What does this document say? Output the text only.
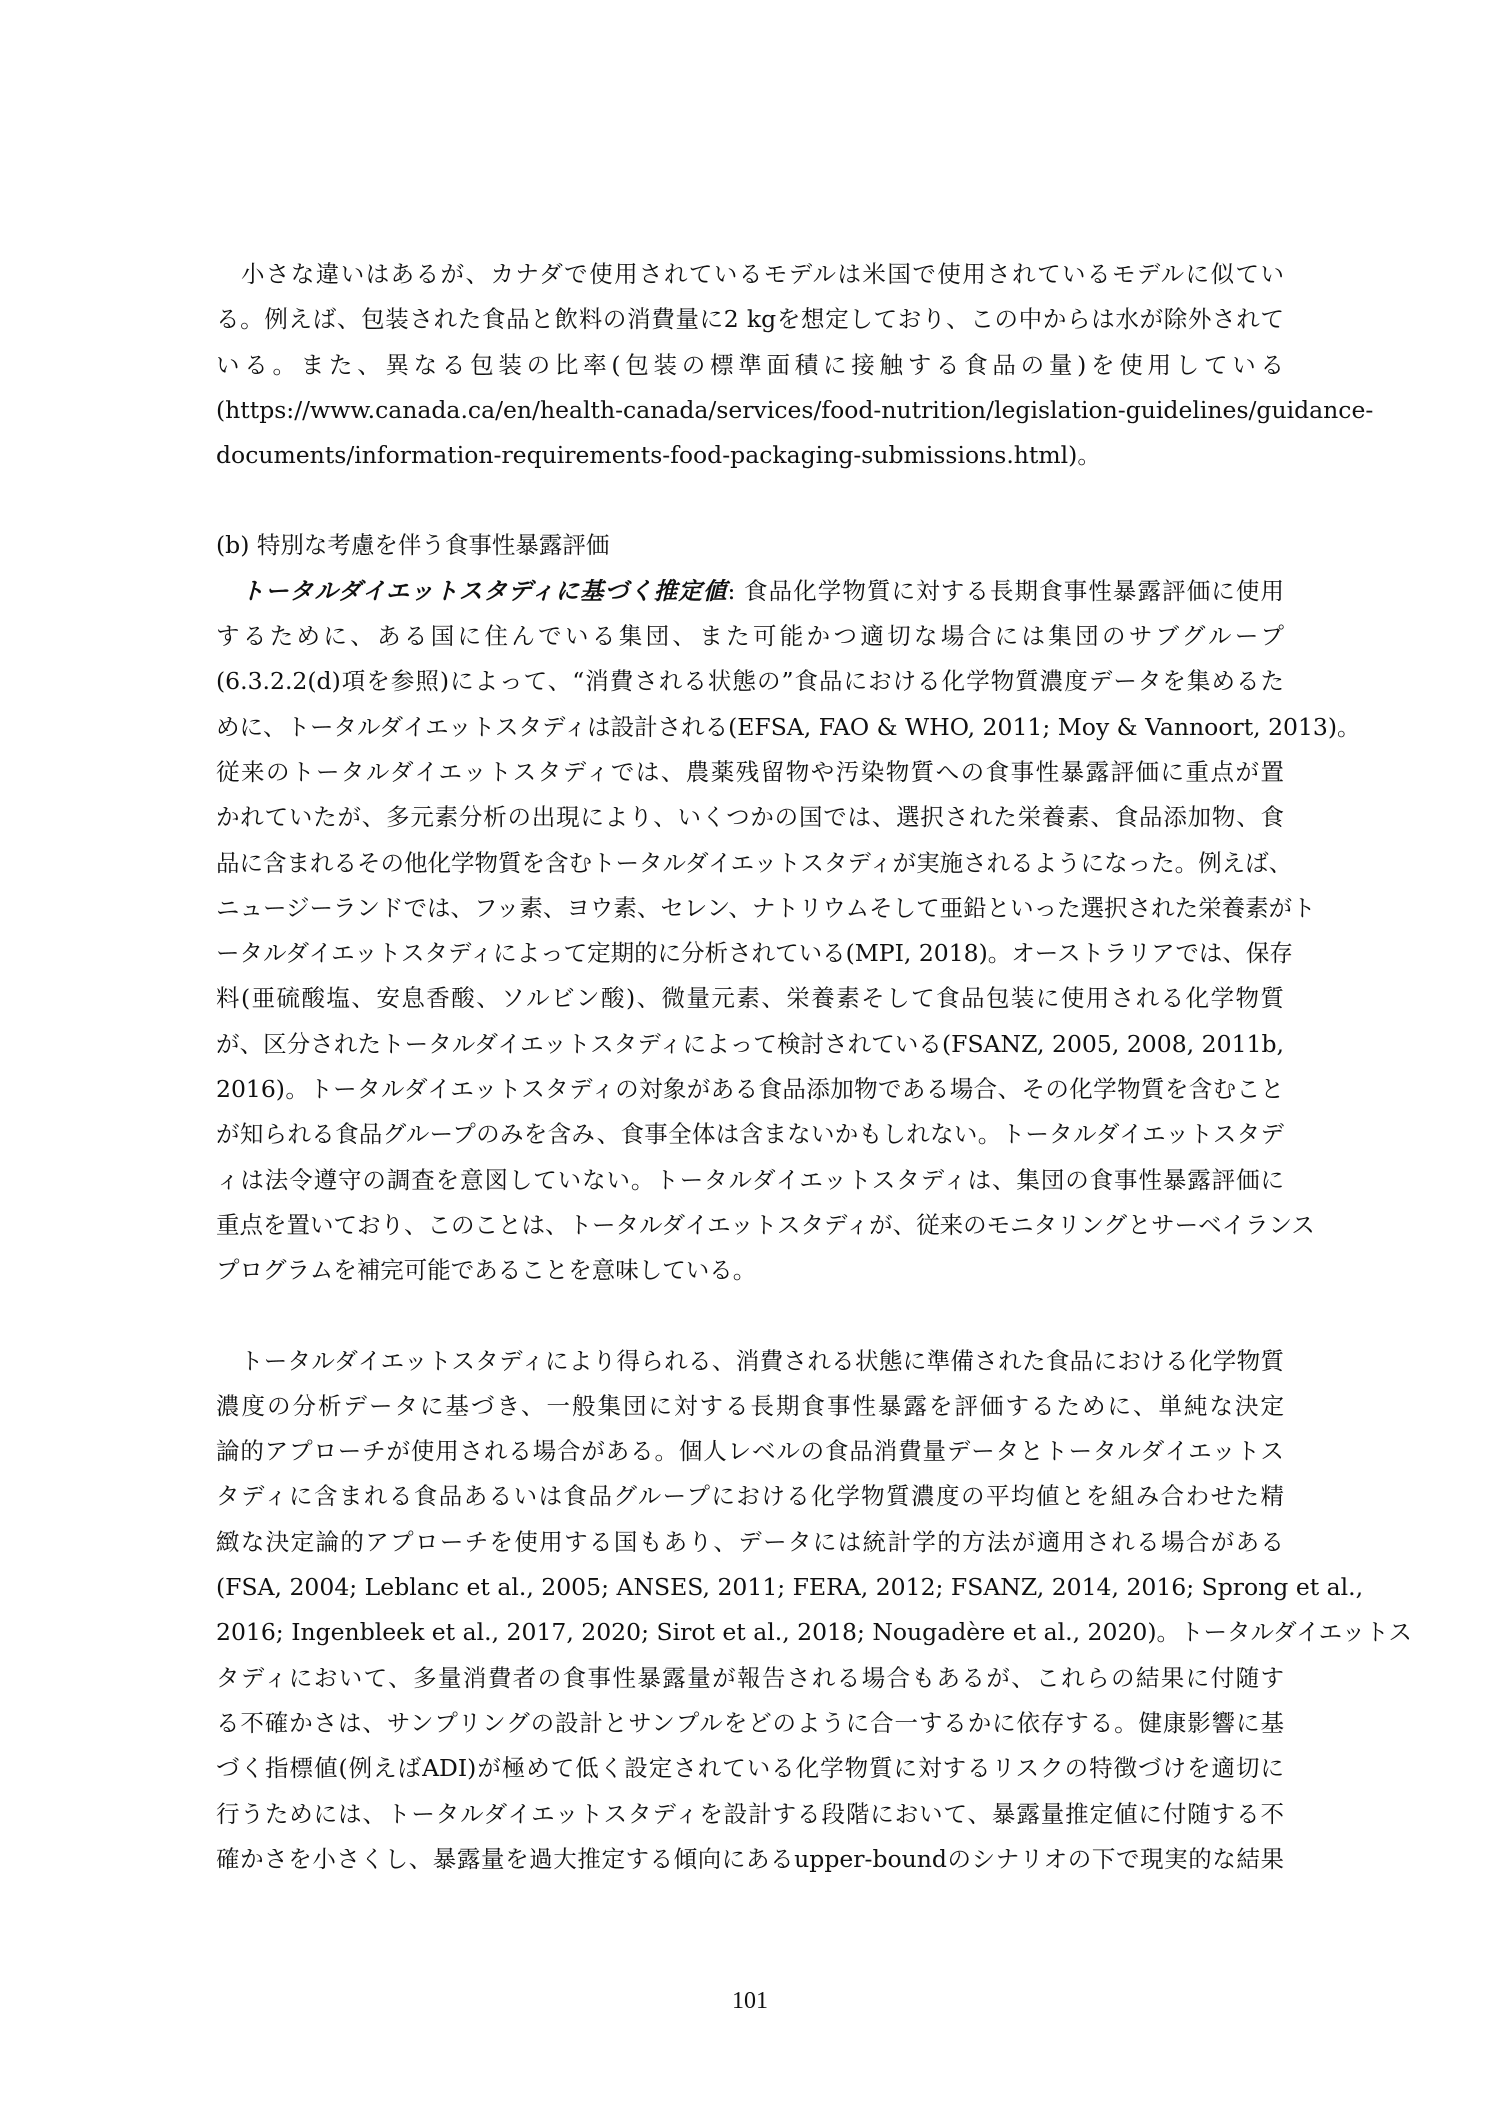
　小さな違いはあるが、カナダで使用されているモデルは米国で使用されているモデルに似てい
る。例えば、包装された食品と飲料の消費量に2 kgを想定しており、この中からは水が除外されて
いる。また、異なる包装の比率(包装の標準面積に接触する食品の量)を使用している
(https://www.canada.ca/en/health-canada/services/food-nutrition/legislation-guidelines/guidance-
documents/information-requirements-food-packaging-submissions.html)。

(b) 特別な考慮を伴う食事性暴露評価

　トータルダイエットスタディに基づく推定値: 食品化学物質に対する長期食事性暴露評価に使用
するために、ある国に住んでいる集団、また可能かつ適切な場合には集団のサブグループ
(6.3.2.2(d)項を参照)によって、“消費される状態の”食品における化学物質濃度データを集めるた
めに、トータルダイエットスタディは設計される(EFSA, FAO & WHO, 2011; Moy & Vannoort, 2013)。
従来のトータルダイエットスタディでは、農薬残留物や汚染物質への食事性暴露評価に重点が置
かれていたが、多元素分析の出現により、いくつかの国では、選択された栄養素、食品添加物、食
品に含まれるその他化学物質を含むトータルダイエットスタディが実施されるようになった。例えば、
ニュージーランドでは、フッ素、ヨウ素、セレン、ナトリウムそして亜鉛といった選択された栄養素がト
ータルダイエットスタディによって定期的に分析されている(MPI, 2018)。オーストラリアでは、保存
料(亜硫酸塩、安息香酸、ソルビン酸)、微量元素、栄養素そして食品包装に使用される化学物質
が、区分されたトータルダイエットスタディによって検討されている(FSANZ, 2005, 2008, 2011b,
2016)。トータルダイエットスタディの対象がある食品添加物である場合、その化学物質を含むこと
が知られる食品グループのみを含み、食事全体は含まないかもしれない。トータルダイエットスタデ
ィは法令遵守の調査を意図していない。トータルダイエットスタディは、集団の食事性暴露評価に
重点を置いており、このことは、トータルダイエットスタディが、従来のモニタリングとサーベイランス
プログラムを補完可能であることを意味している。
　トータルダイエットスタディにより得られる、消費される状態に準備された食品における化学物質
濃度の分析データに基づき、一般集団に対する長期食事性暴露を評価するために、単純な決定
論的アプローチが使用される場合がある。個人レベルの食品消費量データとトータルダイエットス
タディに含まれる食品あるいは食品グループにおける化学物質濃度の平均値とを組み合わせた精
緻な決定論的アプローチを使用する国もあり、データには統計学的方法が適用される場合がある
(FSA, 2004; Leblanc et al., 2005; ANSES, 2011; FERA, 2012; FSANZ, 2014, 2016; Sprong et al.,
2016; Ingenbleek et al., 2017, 2020; Sirot et al., 2018; Nougadère et al., 2020)。トータルダイエットス
タディにおいて、多量消費者の食事性暴露量が報告される場合もあるが、これらの結果に付随す
る不確かさは、サンプリングの設計とサンプルをどのように合一するかに依存する。健康影響に基
づく指標値(例えばADI)が極めて低く設定されている化学物質に対するリスクの特徴づけを適切に
行うためには、トータルダイエットスタディを設計する段階において、暴露量推定値に付随する不
確かさを小さくし、暴露量を過大推定する傾向にあるupper-boundのシナリオの下で現実的な結果
101
